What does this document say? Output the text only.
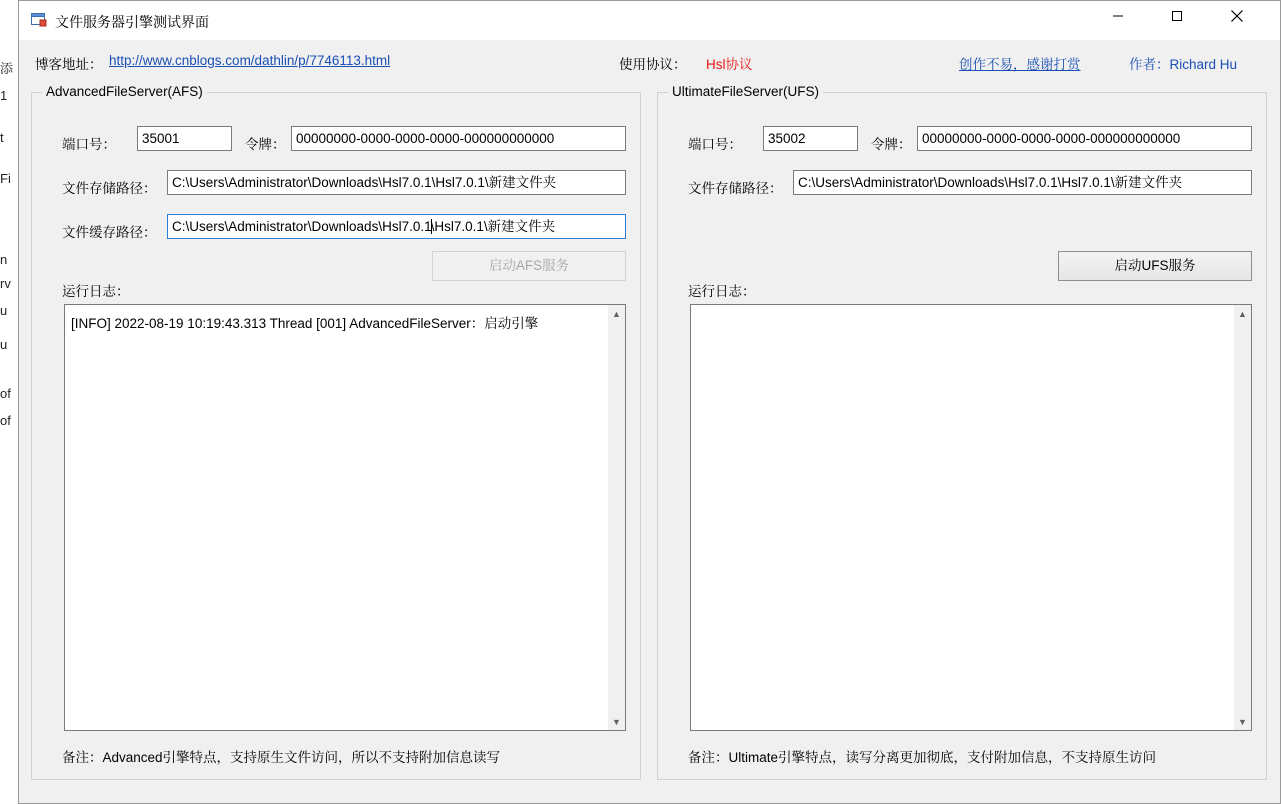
添
1
t
Fi
n
rv
u
u
of
of
文件服务器引擎测试界面
博客地址： http://www.cnblogs.com/dathlin/p/7746113.html	使用协议： Hsl协议	创作不易，感谢打赏	作者：Richard Hu
AdvancedFileServer(AFS)
端口号：	35001	令牌： 00000000-0000-0000-0000-000000000000
文件存储路径：	C:\Users\Administrator\Downloads\Hsl7.0.1\Hsl7.0.1\新建文件夹
文件缓存路径：	C:\Users\Administrator\Downloads\Hsl7.0.1\Hsl7.0.1\新建文件夹
启动AFS服务
运行日志：
[INFO] 2022-08-19 10:19:43.313 Thread [001] AdvancedFileServer：启动引擎
▲
▼
备注：Advanced引擎特点，支持原生文件访问，所以不支持附加信息读写
UltimateFileServer(UFS)
端口号：	35002	令牌： 00000000-0000-0000-0000-000000000000
文件存储路径：	C:\Users\Administrator\Downloads\Hsl7.0.1\Hsl7.0.1\新建文件夹
启动UFS服务
运行日志：
▲
▼
备注：Ultimate引擎特点，读写分离更加彻底，支付附加信息，不支持原生访问
